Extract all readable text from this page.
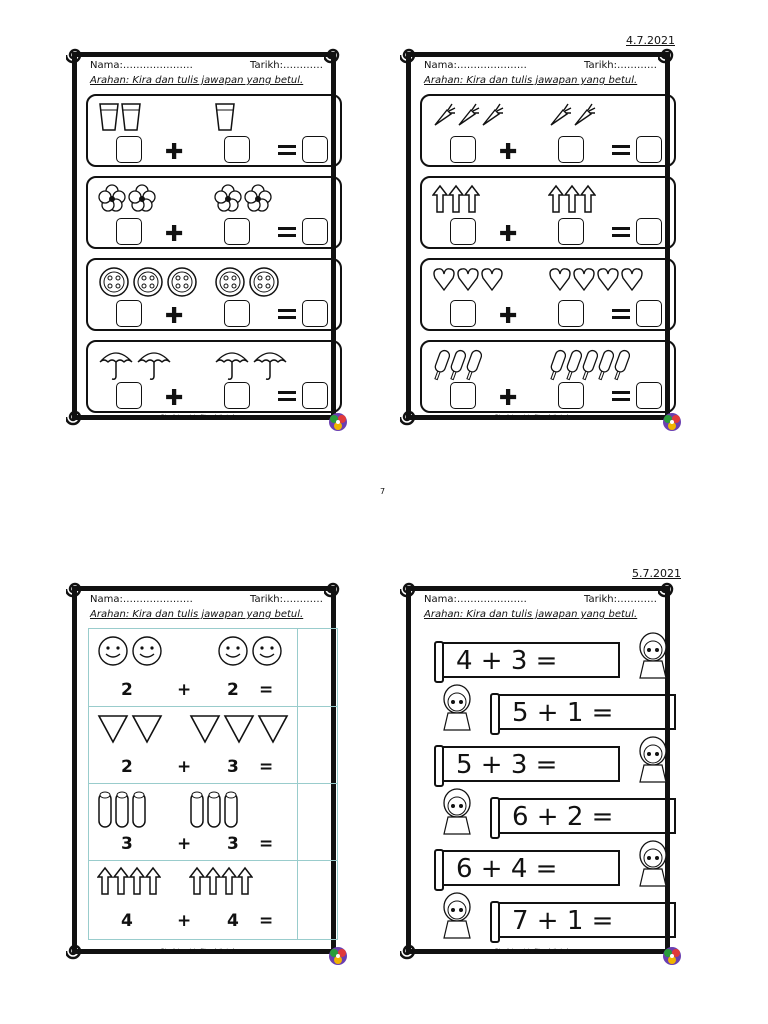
4.7.2021
5.7.2021
7
Nama:…………………	Tarikh:…………
Arahan: Kira dan tulis jawapan yang betul.
Disediakan oleh: Cikgu Azlinda Amran
✚
✚
✚
✚
Nama:…………………	Tarikh:…………
Arahan: Kira dan tulis jawapan yang betul.
Disediakan oleh: Cikgu Azlinda Amran
✚
✚
✚
✚
Nama:…………………	Tarikh:…………
Arahan: Kira dan tulis jawapan yang betul.
Disediakan oleh: Cikgu Azlinda Amran
2	+ 2 =
2	+ 3 =
3	+ 3 =
4	+ 4 =
Nama:…………………	Tarikh:…………
Arahan: Kira dan tulis jawapan yang betul.
Disediakan oleh: Cikgu Azlinda Amran
4 + 3 =
5 + 1 =
5 + 3 =
6 + 2 =
6 + 4 =
7 + 1 =
